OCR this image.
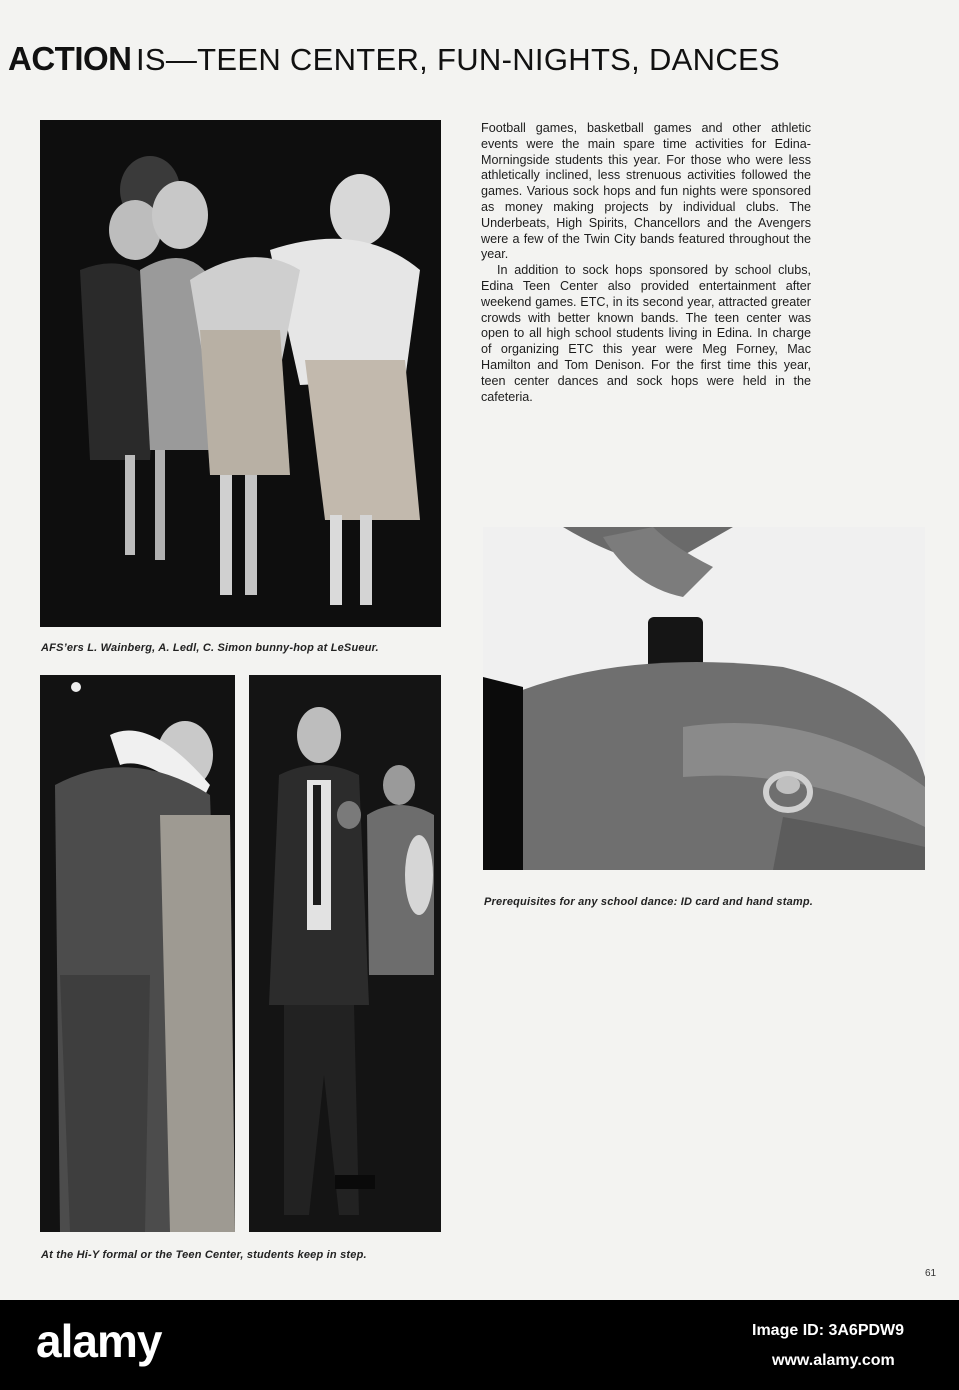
ACTION IS—TEEN CENTER, FUN-NIGHTS, DANCES
AFS’ers L. Wainberg, A. Ledl, C. Simon bunny-hop at LeSueur.
At the Hi-Y formal or the Teen Center, students keep in step.

Football games, basketball games and other athletic events were the main spare time activities for Edina-Morningside students this year. For those who were less athletically inclined, less strenuous activities followed the games. Various sock hops and fun nights were sponsored as money making projects by individual clubs. The Underbeats, High Spirits, Chancellors and the Avengers were a few of the Twin City bands featured throughout the year.

In addition to sock hops sponsored by school clubs, Edina Teen Center also provided entertainment after weekend games. ETC, in its second year, attracted greater crowds with better known bands. The teen center was open to all high school students living in Edina. In charge of organizing ETC this year were Meg Forney, Mac Hamilton and Tom Denison. For the first time this year, teen center dances and sock hops were held in the cafeteria.

Prerequisites for any school dance: ID card and hand stamp.
61
alamy	Image ID: 3A6PDW9
www.alamy.com
